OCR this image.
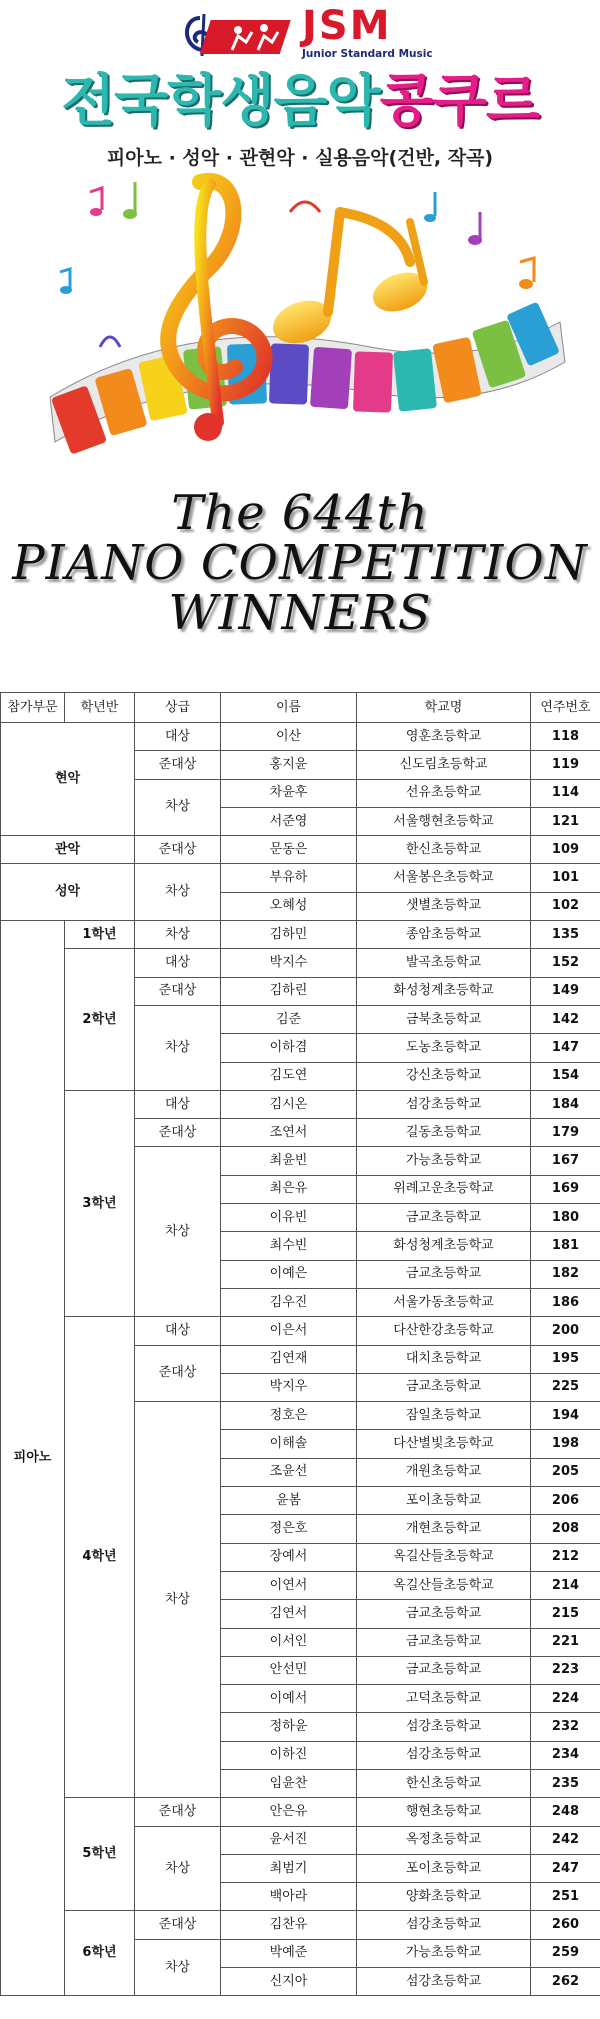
JSM
Junior Standard Music
전국학생음악콩쿠르
피아노 · 성악 · 관현악 · 실용음악(건반, 작곡)
The 644th
PIANO COMPETITION
WINNERS
참가부문	학년반	상급	이름	학교명	연주번호
현악		대상	이산	영훈초등학교	118
		준대상	홍지윤	신도림초등학교	119
		차상	차윤후	선유초등학교	114
			서준영	서울행현초등학교	121
관악		준대상	문동은	한신초등학교	109
성악		차상	부유하	서울봉은초등학교	101
			오혜성	샛별초등학교	102
피아노	1학년	차상	김하민	종암초등학교	135
	2학년	대상	박지수	발곡초등학교	152
		준대상	김하린	화성청계초등학교	149
		차상	김준	금북초등학교	142
			이하겸	도농초등학교	147
			김도연	강신초등학교	154
	3학년	대상	김시온	섬강초등학교	184
		준대상	조연서	길동초등학교	179
		차상	최윤빈	가능초등학교	167
			최은유	위례고운초등학교	169
			이유빈	금교초등학교	180
			최수빈	화성청계초등학교	181
			이예은	금교초등학교	182
			김우진	서울가동초등학교	186
	4학년	대상	이은서	다산한강초등학교	200
		준대상	김연재	대치초등학교	195
			박지우	금교초등학교	225
		차상	정호은	잠일초등학교	194
			이해솔	다산별빛초등학교	198
			조윤선	개원초등학교	205
			윤봄	포이초등학교	206
			정은호	개현초등학교	208
			장예서	옥길산들초등학교	212
			이연서	옥길산들초등학교	214
			김연서	금교초등학교	215
			이서인	금교초등학교	221
			안선민	금교초등학교	223
			이예서	고덕초등학교	224
			정하윤	섬강초등학교	232
			이하진	섬강초등학교	234
			임윤찬	한신초등학교	235
	5학년	준대상	안은유	행현초등학교	248
		차상	윤서진	옥정초등학교	242
			최범기	포이초등학교	247
			백아라	양화초등학교	251
	6학년	준대상	김찬유	섬강초등학교	260
		차상	박예준	가능초등학교	259
			신지아	섬강초등학교	262
